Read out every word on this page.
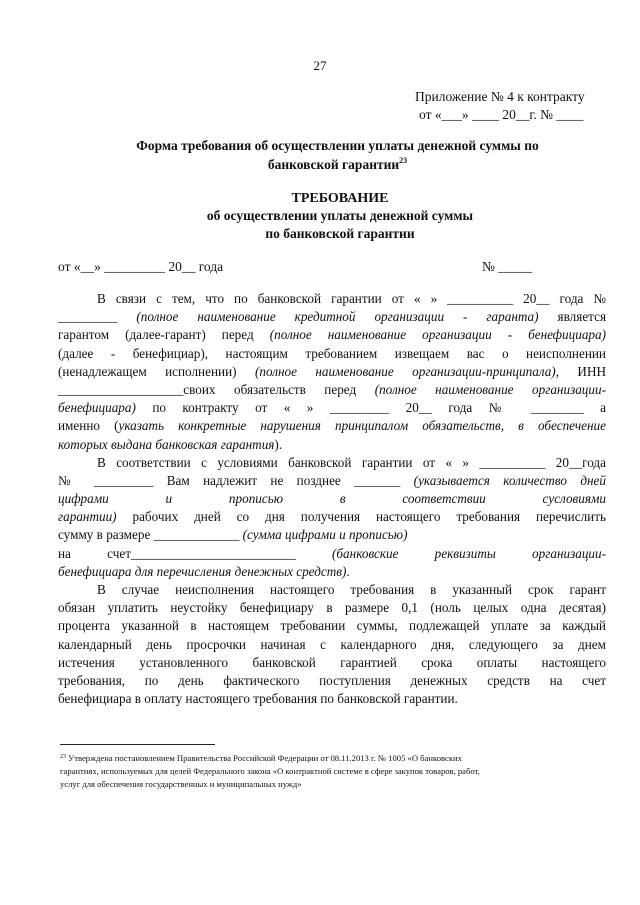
27
Приложение № 4 к контракту
от «___» ____ 20__г. № ____
Форма требования об осуществлении уплаты денежной суммы по
банковской гарантии$^{23}$
ТРЕБОВАНИЕ
об осуществлении уплаты денежной суммы
по банковской гарантии
от «__» _________ 20__ года	№ _____
В связи с тем, что по банковской гарантии от « » __________ 20__ года №
_________ (полное наименование кредитной организации - гаранта) является
гарантом (далее-гарант) перед (полное наименование организации - бенефициара)
(далее - бенефициар), настоящим требованием извещаем вас о неисполнении
(ненадлежащем исполнении) (полное наименование организации-принципала), ИНН
___________________своих обязательств перед (полное наименование организации-
бенефициара) по контракту от « » _________ 20__ года № ________ а
именно (указать конкретные нарушения принципалом обязательств, в обеспечение
которых выдана банковская гарантия).
В соответствии с условиями банковской гарантии от « » __________ 20__года
№ _________ Вам надлежит не позднее _______ (указывается количество дней
цифрами и прописью в соответствии сусловиями
гарантии) рабочих дней со дня получения настоящего требования перечислить
сумму в размере _____________ (сумма цифрами и прописью)
на счет_________________________ (банковские реквизиты организации-
бенефициара для перечисления денежных средств).
В случае неисполнения настоящего требования в указанный срок гарант
обязан уплатить неустойку бенефициару в размере 0,1 (ноль целых одна десятая)
процента указанной в настоящем требовании суммы, подлежащей уплате за каждый
календарный день просрочки начиная с календарного дня, следующего за днем
истечения установленного банковской гарантией срока оплаты настоящего
требования, по день фактического поступления денежных средств на счет
бенефициара в оплату настоящего требования по банковской гарантии.
$^{23}$ Утверждена постановлением Правительства Российской Федерации от 08.11.2013 г. № 1005 «О банковских
гарантиях, используемых для целей Федерального закона «О контрактной системе в сфере закупок товаров, работ,
услуг для обеспечения государственных и муниципальных нужд»
